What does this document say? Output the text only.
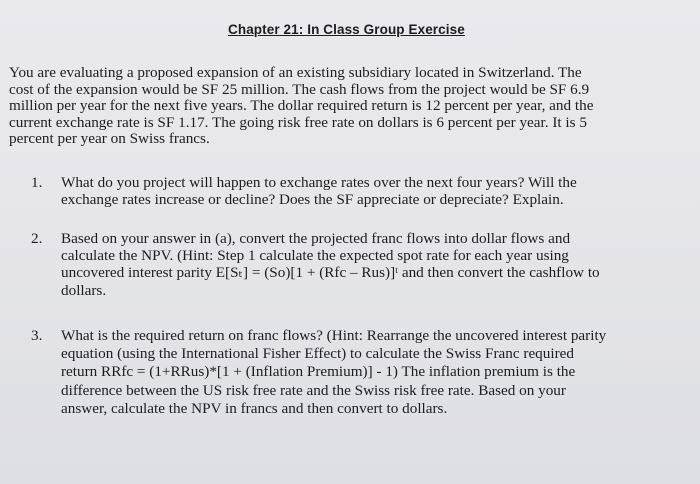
Chapter 21: In Class Group Exercise

You are evaluating a proposed expansion of an existing subsidiary located in Switzerland. The
cost of the expansion would be SF 25 million. The cash flows from the project would be SF 6.9
million per year for the next five years. The dollar required return is 12 percent per year, and the
current exchange rate is SF 1.17. The going risk free rate on dollars is 6 percent per year. It is 5
percent per year on Swiss francs.

1. What do you project will happen to exchange rates over the next four years? Will the
exchange rates increase or decline? Does the SF appreciate or depreciate? Explain.
2. Based on your answer in (a), convert the projected franc flows into dollar flows and
calculate the NPV. (Hint: Step 1 calculate the expected spot rate for each year using
uncovered interest parity E[Sₜ] = (So)[1 + (Rfc – Rus)]ᵗ and then convert the cashflow to
dollars.
3. What is the required return on franc flows? (Hint: Rearrange the uncovered interest parity
equation (using the International Fisher Effect) to calculate the Swiss Franc required
return RRfc = (1+RRus)*[1 + (Inflation Premium)] - 1) The inflation premium is the
difference between the US risk free rate and the Swiss risk free rate. Based on your
answer, calculate the NPV in francs and then convert to dollars.
